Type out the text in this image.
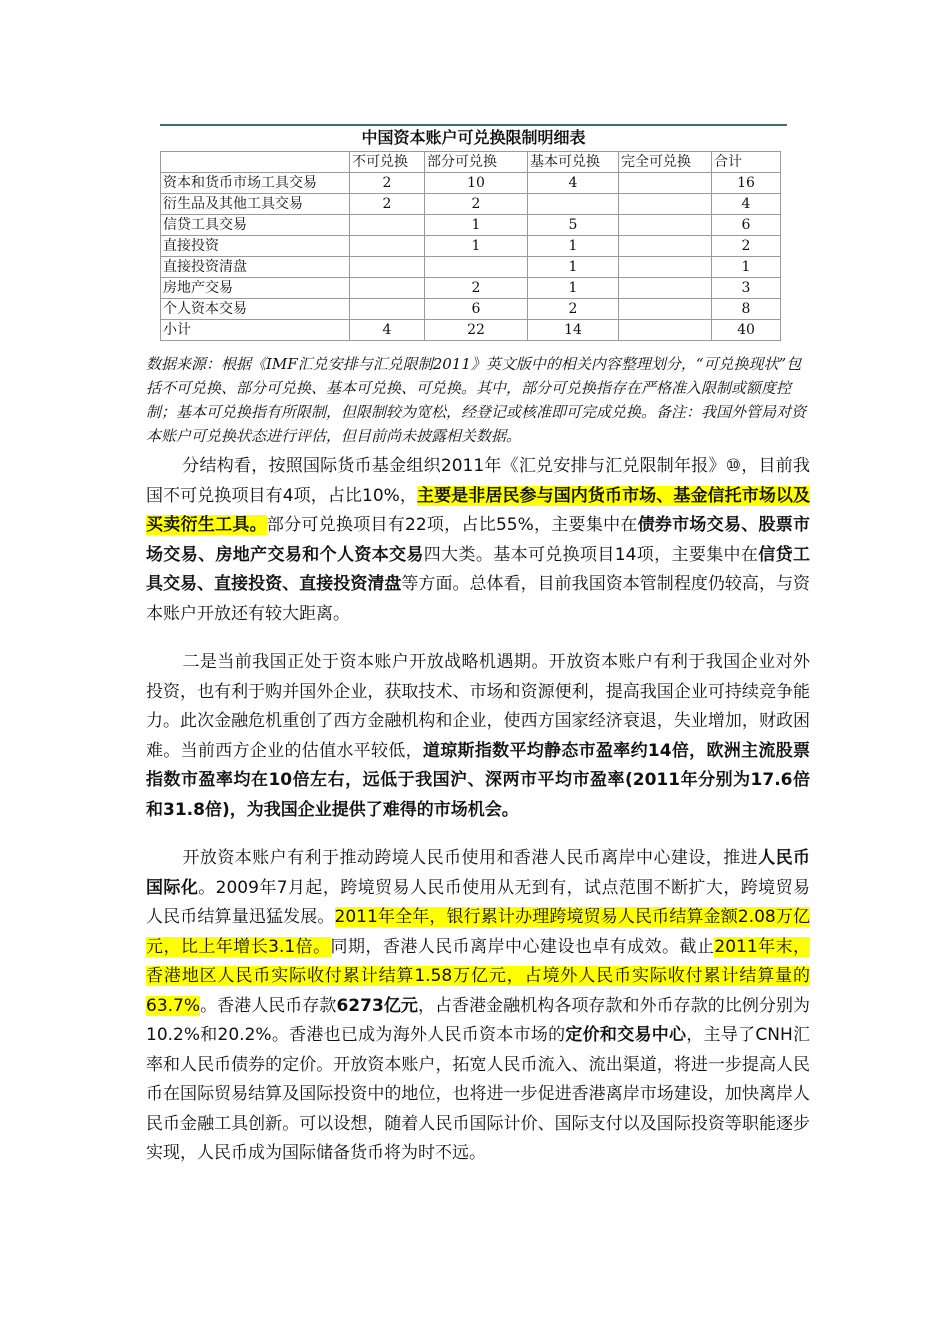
中国资本账户可兑换限制明细表
	不可兑换	部分可兑换	基本可兑换	完全可兑换	合计
资本和货币市场工具交易	2	10	4		16
衍生品及其他工具交易	2	2			4
信贷工具交易		1	5		6
直接投资		1	1		2
直接投资清盘			1		1
房地产交易		2	1		3
个人资本交易		6	2		8
小计	4	22	14		40
数据来源：根据《IMF汇兑安排与汇兑限制2011》英文版中的相关内容整理划分，“可兑换现状”包括不可兑换、部分可兑换、基本可兑换、可兑换。其中，部分可兑换指存在严格准入限制或额度控制；基本可兑换指有所限制，但限制较为宽松，经登记或核准即可完成兑换。备注：我国外管局对资本账户可兑换状态进行评估，但目前尚未披露相关数据。
分结构看，按照国际货币基金组织2011年《汇兑安排与汇兑限制年报》⑩，目前我国不可兑换项目有4项，占比10%，主要是非居民参与国内货币市场、基金信托市场以及买卖衍生工具。部分可兑换项目有22项，占比55%，主要集中在债券市场交易、股票市场交易、房地产交易和个人资本交易四大类。基本可兑换项目14项，主要集中在信贷工具交易、直接投资、直接投资清盘等方面。总体看，目前我国资本管制程度仍较高，与资本账户开放还有较大距离。
二是当前我国正处于资本账户开放战略机遇期。开放资本账户有利于我国企业对外投资，也有利于购并国外企业，获取技术、市场和资源便利，提高我国企业可持续竞争能力。此次金融危机重创了西方金融机构和企业，使西方国家经济衰退，失业增加，财政困难。当前西方企业的估值水平较低，道琼斯指数平均静态市盈率约14倍，欧洲主流股票指数市盈率均在10倍左右，远低于我国沪、深两市平均市盈率(2011年分别为17.6倍和31.8倍)，为我国企业提供了难得的市场机会。
开放资本账户有利于推动跨境人民币使用和香港人民币离岸中心建设，推进人民币国际化。2009年7月起，跨境贸易人民币使用从无到有，试点范围不断扩大，跨境贸易人民币结算量迅猛发展。2011年全年，银行累计办理跨境贸易人民币结算金额2.08万亿元，比上年增长3.1倍。同期，香港人民币离岸中心建设也卓有成效。截止2011年末，香港地区人民币实际收付累计结算1.58万亿元，占境外人民币实际收付累计结算量的63.7%。香港人民币存款6273亿元，占香港金融机构各项存款和外币存款的比例分别为10.2%和20.2%。香港也已成为海外人民币资本市场的定价和交易中心，主导了CNH汇率和人民币债券的定价。开放资本账户，拓宽人民币流入、流出渠道，将进一步提高人民币在国际贸易结算及国际投资中的地位，也将进一步促进香港离岸市场建设，加快离岸人民币金融工具创新。可以设想，随着人民币国际计价、国际支付以及国际投资等职能逐步实现，人民币成为国际储备货币将为时不远。
